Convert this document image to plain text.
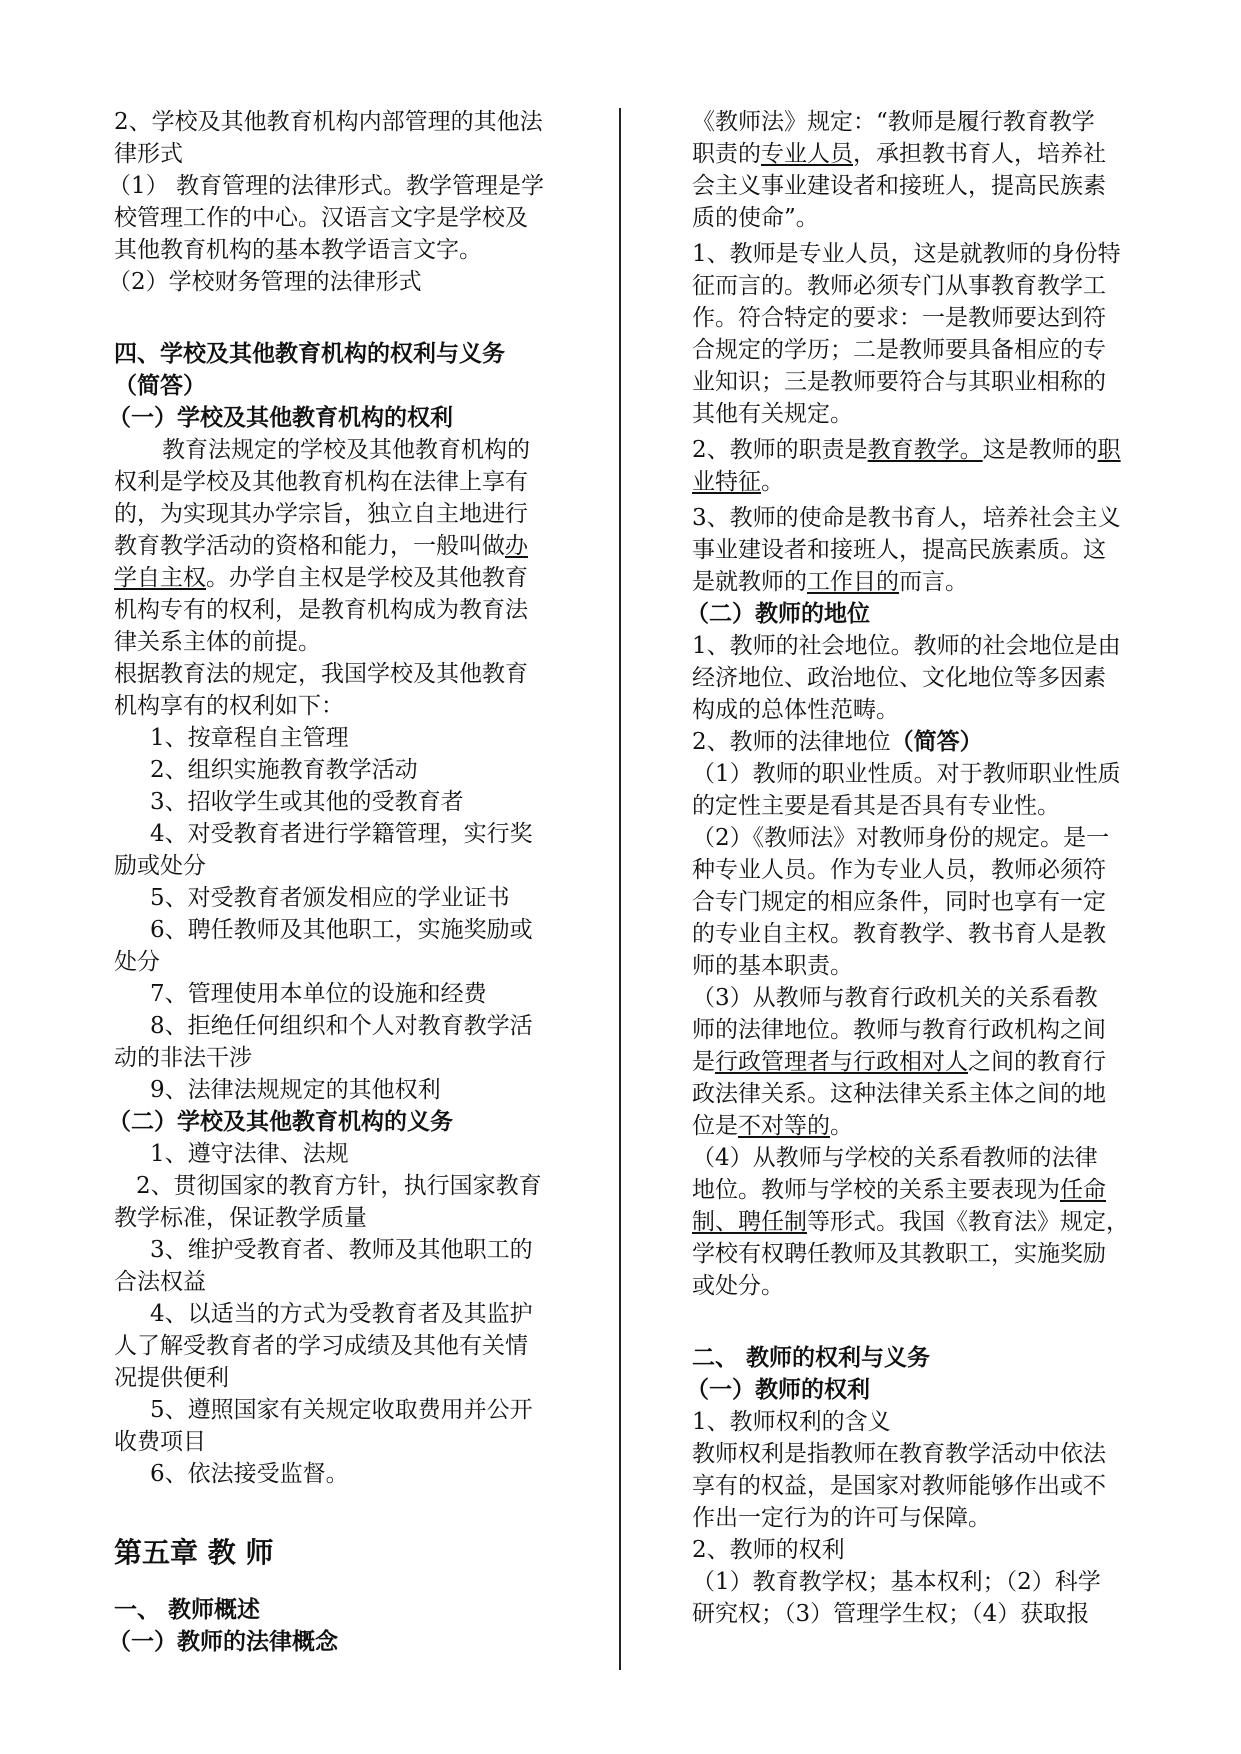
2、学校及其他教育机构内部管理的其他法
律形式
（1） 教育管理的法律形式。教学管理是学
校管理工作的中心。汉语言文字是学校及
其他教育机构的基本教学语言文字。
（2）学校财务管理的法律形式
四、学校及其他教育机构的权利与义务
（简答）
（一）学校及其他教育机构的权利
教育法规定的学校及其他教育机构的
权利是学校及其他教育机构在法律上享有
的，为实现其办学宗旨，独立自主地进行
教育教学活动的资格和能力，一般叫做办
学自主权。办学自主权是学校及其他教育
机构专有的权利，是教育机构成为教育法
律关系主体的前提。
根据教育法的规定，我国学校及其他教育
机构享有的权利如下：
1、按章程自主管理
2、组织实施教育教学活动
3、招收学生或其他的受教育者
4、对受教育者进行学籍管理，实行奖
励或处分
5、对受教育者颁发相应的学业证书
6、聘任教师及其他职工，实施奖励或
处分
7、管理使用本单位的设施和经费
8、拒绝任何组织和个人对教育教学活
动的非法干涉
9、法律法规规定的其他权利
（二）学校及其他教育机构的义务
1、遵守法律、法规
2、贯彻国家的教育方针，执行国家教育
教学标准，保证教学质量
3、维护受教育者、教师及其他职工的
合法权益
4、以适当的方式为受教育者及其监护
人了解受教育者的学习成绩及其他有关情
况提供便利
5、遵照国家有关规定收取费用并公开
收费项目
6、依法接受监督。
第五章 教 师
一、 教师概述
（一）教师的法律概念
《教师法》规定：“教师是履行教育教学
职责的专业人员，承担教书育人，培养社
会主义事业建设者和接班人，提高民族素
质的使命”。
1、教师是专业人员，这是就教师的身份特
征而言的。教师必须专门从事教育教学工
作。符合特定的要求：一是教师要达到符
合规定的学历；二是教师要具备相应的专
业知识；三是教师要符合与其职业相称的
其他有关规定。
2、教师的职责是教育教学。这是教师的职
业特征。
3、教师的使命是教书育人，培养社会主义
事业建设者和接班人，提高民族素质。这
是就教师的工作目的而言。
（二）教师的地位
1、教师的社会地位。教师的社会地位是由
经济地位、政治地位、文化地位等多因素
构成的总体性范畴。
2、教师的法律地位（简答）
（1）教师的职业性质。对于教师职业性质
的定性主要是看其是否具有专业性。
（2）《教师法》对教师身份的规定。是一
种专业人员。作为专业人员，教师必须符
合专门规定的相应条件，同时也享有一定
的专业自主权。教育教学、教书育人是教
师的基本职责。
（3）从教师与教育行政机关的关系看教
师的法律地位。教师与教育行政机构之间
是行政管理者与行政相对人之间的教育行
政法律关系。这种法律关系主体之间的地
位是不对等的。
（4）从教师与学校的关系看教师的法律
地位。教师与学校的关系主要表现为任命
制、聘任制等形式。我国《教育法》规定，
学校有权聘任教师及其教职工，实施奖励
或处分。
二、 教师的权利与义务
（一）教师的权利
1、教师权利的含义
教师权利是指教师在教育教学活动中依法
享有的权益，是国家对教师能够作出或不
作出一定行为的许可与保障。
2、教师的权利
（1）教育教学权；基本权利；（2）科学
研究权；（3）管理学生权；（4）获取报
